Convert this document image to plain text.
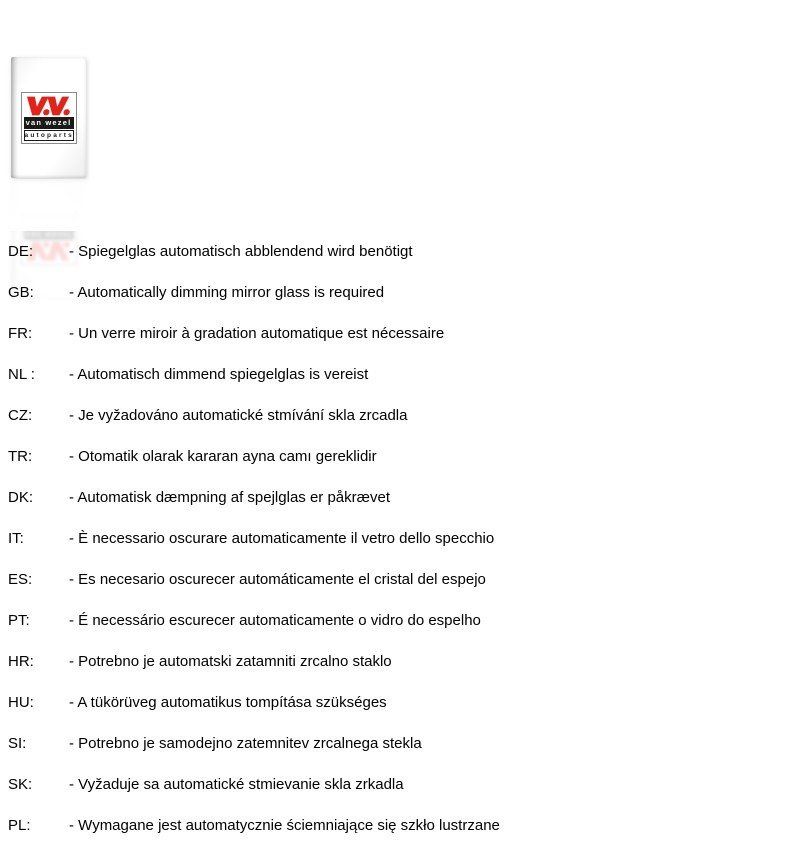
van wezel
autoparts
van wezel
autoparts
DE:	- Spiegelglas automatisch abblendend wird benötigt
GB:	- Automatically dimming mirror glass is required
FR:	- Un verre miroir à gradation automatique est nécessaire
NL :	- Automatisch dimmend spiegelglas is vereist
CZ:	- Je vyžadováno automatické stmívání skla zrcadla
TR:	- Otomatik olarak kararan ayna camı gereklidir
DK:	- Automatisk dæmpning af spejlglas er påkrævet
IT:	- È necessario oscurare automaticamente il vetro dello specchio
ES:	- Es necesario oscurecer automáticamente el cristal del espejo
PT:	- É necessário escurecer automaticamente o vidro do espelho
HR:	- Potrebno je automatski zatamniti zrcalno staklo
HU:	- A tükörüveg automatikus tompítása szükséges
SI:	- Potrebno je samodejno zatemnitev zrcalnega stekla
SK:	- Vyžaduje sa automatické stmievanie skla zrkadla
PL:	- Wymagane jest automatycznie ściemniające się szkło lustrzane
